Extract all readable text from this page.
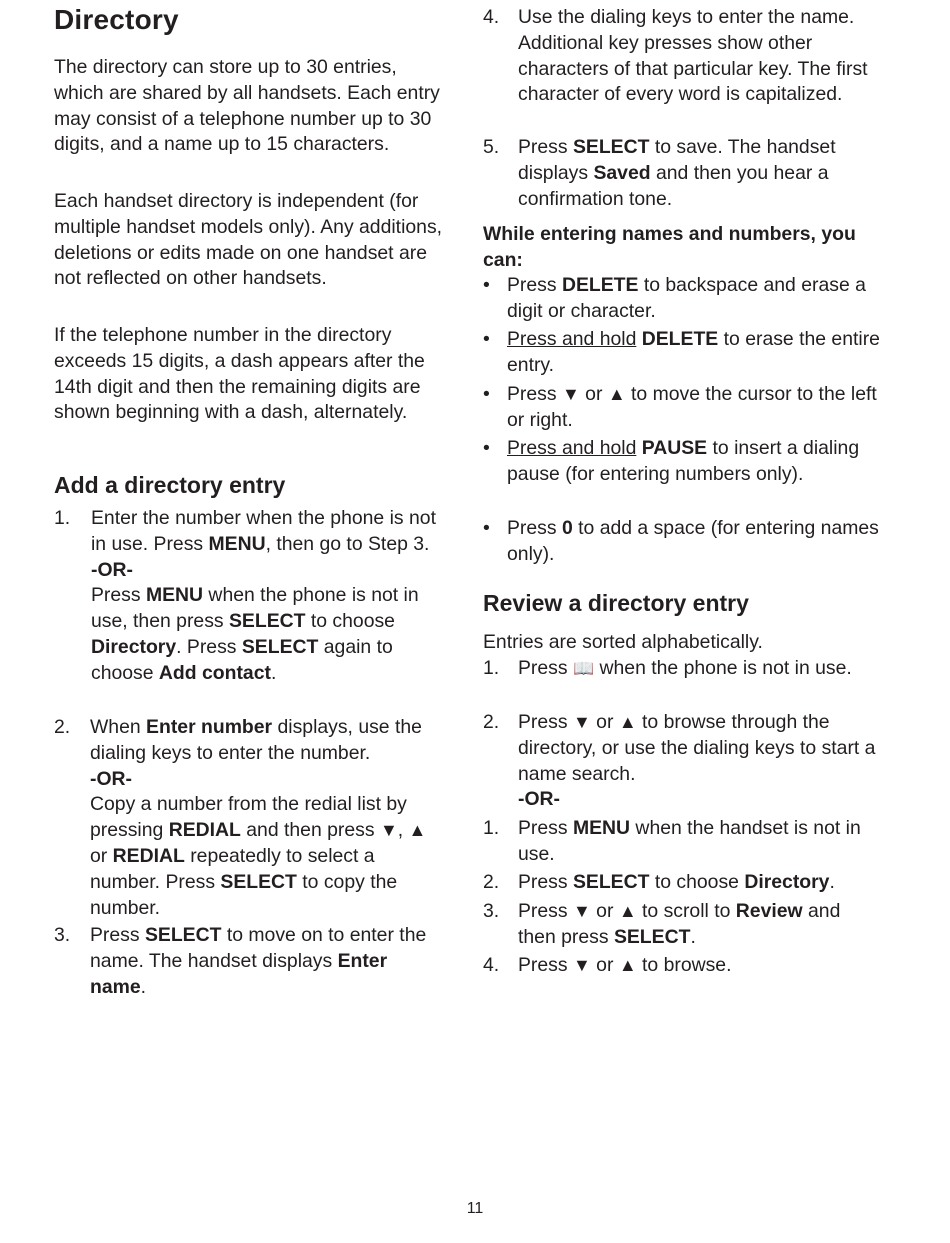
Directory

The directory can store up to 30 entries, which are shared by all handsets. Each entry may consist of a telephone number up to 30 digits, and a name up to 15 characters.

Each handset directory is independent (for multiple handset models only). Any additions, deletions or edits made on one handset are not reflected on other handsets.

If the telephone number in the directory exceeds 15 digits, a dash appears after the 14th digit and then the remaining digits are shown beginning with a dash, alternately.

Add a directory entry
1. Enter the number when the phone is not in use. Press MENU, then go to Step 3.
-OR-
Press MENU when the phone is not in use, then press SELECT to choose Directory. Press SELECT again to choose Add contact.
2. When Enter number displays, use the dialing keys to enter the number.
-OR-
Copy a number from the redial list by pressing REDIAL and then press ▼, ▲ or REDIAL repeatedly to select a number. Press SELECT to copy the number.
3. Press SELECT to move on to enter the name. The handset displays Enter name.
4. Use the dialing keys to enter the name. Additional key presses show other characters of that particular key. The first character of every word is capitalized.
5. Press SELECT to save. The handset displays Saved and then you hear a confirmation tone.

While entering names and numbers, you can:

• Press DELETE to backspace and erase a digit or character.
• Press and hold DELETE to erase the entire entry.
• Press ▼ or ▲ to move the cursor to the left or right.
• Press and hold PAUSE to insert a dialing pause (for entering numbers only).
• Press 0 to add a space (for entering names only).
Review a directory entry

Entries are sorted alphabetically.

1. Press 📖 when the phone is not in use.
2. Press ▼ or ▲ to browse through the directory, or use the dialing keys to start a name search.
-OR-
1. Press MENU when the handset is not in use.
2. Press SELECT to choose Directory.
3. Press ▼ or ▲ to scroll to Review and then press SELECT.
4. Press ▼ or ▲ to browse.
11
